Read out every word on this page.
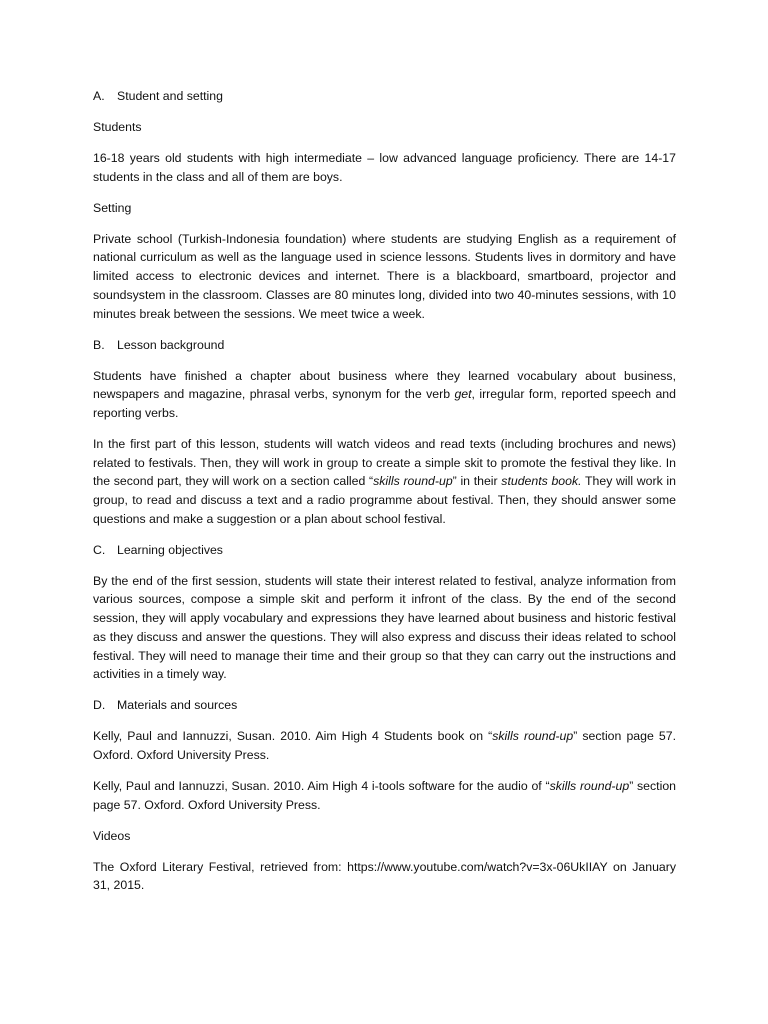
A.	Student and setting

Students

16-18 years old students with high intermediate – low advanced language proficiency. There are 14-17 students in the class and all of them are boys.

Setting

Private school (Turkish-Indonesia foundation) where students are studying English as a requirement of national curriculum as well as the language used in science lessons. Students lives in dormitory and have limited access to electronic devices and internet. There is a blackboard, smartboard, projector and soundsystem in the classroom. Classes are 80 minutes long, divided into two 40-minutes sessions, with 10 minutes break between the sessions. We meet twice a week.

B.	Lesson background

Students have finished a chapter about business where they learned vocabulary about business, newspapers and magazine, phrasal verbs, synonym for the verb get, irregular form, reported speech and reporting verbs.

In the first part of this lesson, students will watch videos and read texts (including brochures and news) related to festivals. Then, they will work in group to create a simple skit to promote the festival they like. In the second part, they will work on a section called “skills round-up” in their students book. They will work in group, to read and discuss a text and a radio programme about festival. Then, they should answer some questions and make a suggestion or a plan about school festival.

C. Learning objectives

By the end of the first session, students will state their interest related to festival, analyze information from various sources, compose a simple skit and perform it infront of the class. By the end of the second session, they will apply vocabulary and expressions they have learned about business and historic festival as they discuss and answer the questions. They will also express and discuss their ideas related to school festival. They will need to manage their time and their group so that they can carry out the instructions and activities in a timely way.

D. Materials and sources

Kelly, Paul and Iannuzzi, Susan. 2010. Aim High 4 Students book on “skills round-up” section page 57. Oxford. Oxford University Press.

Kelly, Paul and Iannuzzi, Susan. 2010. Aim High 4 i-tools software for the audio of “skills round-up” section page 57. Oxford. Oxford University Press.

Videos

The Oxford Literary Festival, retrieved from: https://www.youtube.com/watch?v=3x-06UkIIAY on January 31, 2015.
